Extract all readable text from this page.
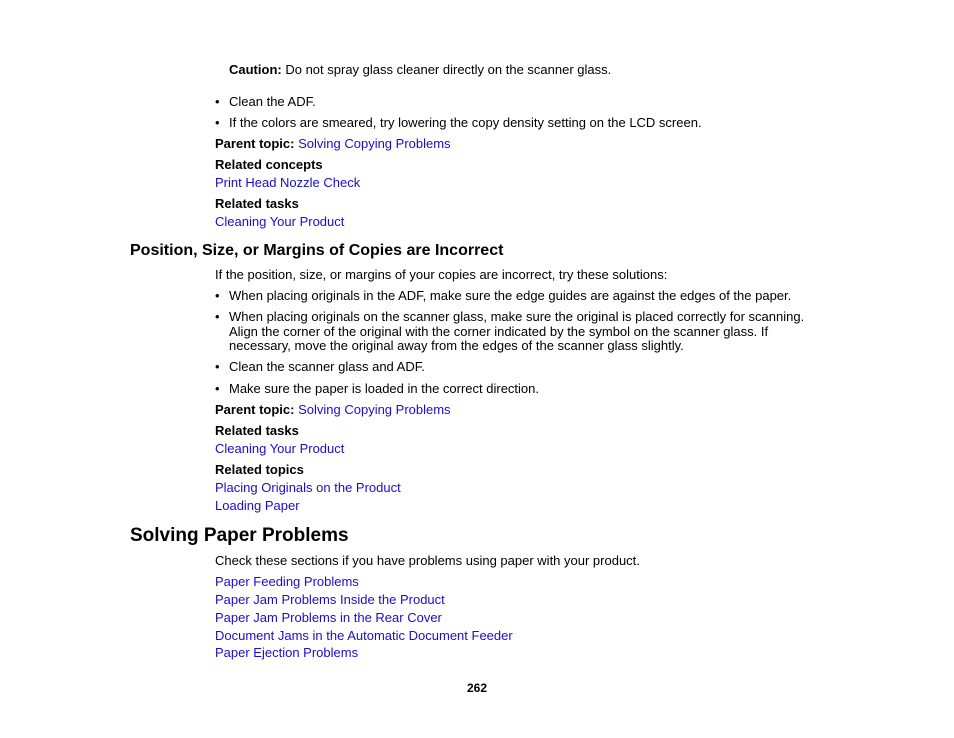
Caution: Do not spray glass cleaner directly on the scanner glass.
• Clean the ADF.
• If the colors are smeared, try lowering the copy density setting on the LCD screen.
Parent topic: Solving Copying Problems
Related concepts
Print Head Nozzle Check
Related tasks
Cleaning Your Product
Position, Size, or Margins of Copies are Incorrect
If the position, size, or margins of your copies are incorrect, try these solutions:
• When placing originals in the ADF, make sure the edge guides are against the edges of the paper.
• When placing originals on the scanner glass, make sure the original is placed correctly for scanning.
Align the corner of the original with the corner indicated by the symbol on the scanner glass. If
necessary, move the original away from the edges of the scanner glass slightly.
• Clean the scanner glass and ADF.
• Make sure the paper is loaded in the correct direction.
Parent topic: Solving Copying Problems
Related tasks
Cleaning Your Product
Related topics
Placing Originals on the Product
Loading Paper
Solving Paper Problems
Check these sections if you have problems using paper with your product.
Paper Feeding Problems
Paper Jam Problems Inside the Product
Paper Jam Problems in the Rear Cover
Document Jams in the Automatic Document Feeder
Paper Ejection Problems
262
